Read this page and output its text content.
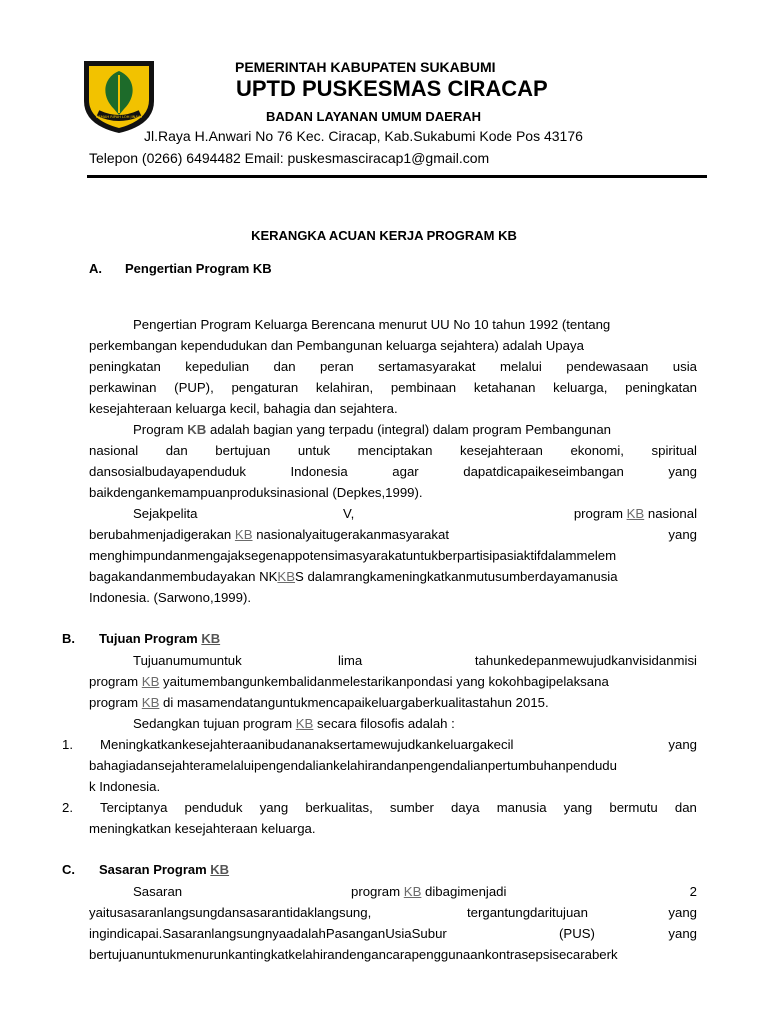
GEMAH RIPAH LOH JINAWI
PEMERINTAH KABUPATEN SUKABUMI
UPTD PUSKESMAS CIRACAP
BADAN LAYANAN UMUM DAERAH
Jl.Raya H.Anwari No 76 Kec. Ciracap, Kab.Sukabumi Kode Pos 43176
Telepon (0266) 6494482 Email: puskesmasciracap1@gmail.com
KERANGKA ACUAN KERJA PROGRAM KB
A. Pengertian Program KB
Pengertian Program Keluarga Berencana menurut UU No 10 tahun 1992 (tentang
perkembangan kependudukan dan Pembangunan keluarga sejahtera) adalah Upaya
peningkatan kepedulian dan peran sertamasyarakat melalui pendewasaan usia
perkawinan (PUP), pengaturan kelahiran, pembinaan ketahanan keluarga, peningkatan
kesejahteraan keluarga kecil, bahagia dan sejahtera.
Program KB adalah bagian yang terpadu (integral) dalam program Pembangunan
nasional dan bertujuan untuk menciptakan kesejahteraan ekonomi, spiritual
dansosialbudayapenduduk Indonesia agar dapatdicapaikeseimbangan yang
baikdengankemampuanproduksinasional (Depkes,1999).
Sejakpelita	V,	program KB nasional
berubahmenjadigerakan KB nasionalyaitugerakanmasyarakat	yang
menghimpundanmengajaksegenappotensimasyarakatuntukberpartisipasiaktifdalammelem
bagakandanmembudayakan NKKBS dalamrangkameningkatkanmutusumberdayamanusia
Indonesia. (Sarwono,1999).
B. Tujuan Program KB
Tujuanumumuntuk	lima	tahunkedepanmewujudkanvisidanmisi
program KB yaitumembangunkembalidanmelestarikanpondasi yang kokohbagipelaksana
program KB di masamendatanguntukmencapaikeluargaberkualitastahun 2015.
Sedangkan tujuan program KB secara filosofis adalah :
1. Meningkatkankesejahteraanibudananaksertamewujudkankeluargakecil	yang
bahagiadansejahteramelaluipengendaliankelahirandanpengendalianpertumbuhanpendudu
k Indonesia.
2. Terciptanya penduduk yang berkualitas, sumber daya manusia yang bermutu dan
meningkatkan kesejahteraan keluarga.
C. Sasaran Program KB
Sasaran	program KB dibagimenjadi	2
yaitusasaranlangsungdansasarantidaklangsung,	tergantungdaritujuan	yang
ingindicapai.SasaranlangsungnyaadalahPasanganUsiaSubur	(PUS)	yang
bertujuanuntukmenurunkantingkatkelahirandengancarapenggunaankontrasepsisecaraberk
